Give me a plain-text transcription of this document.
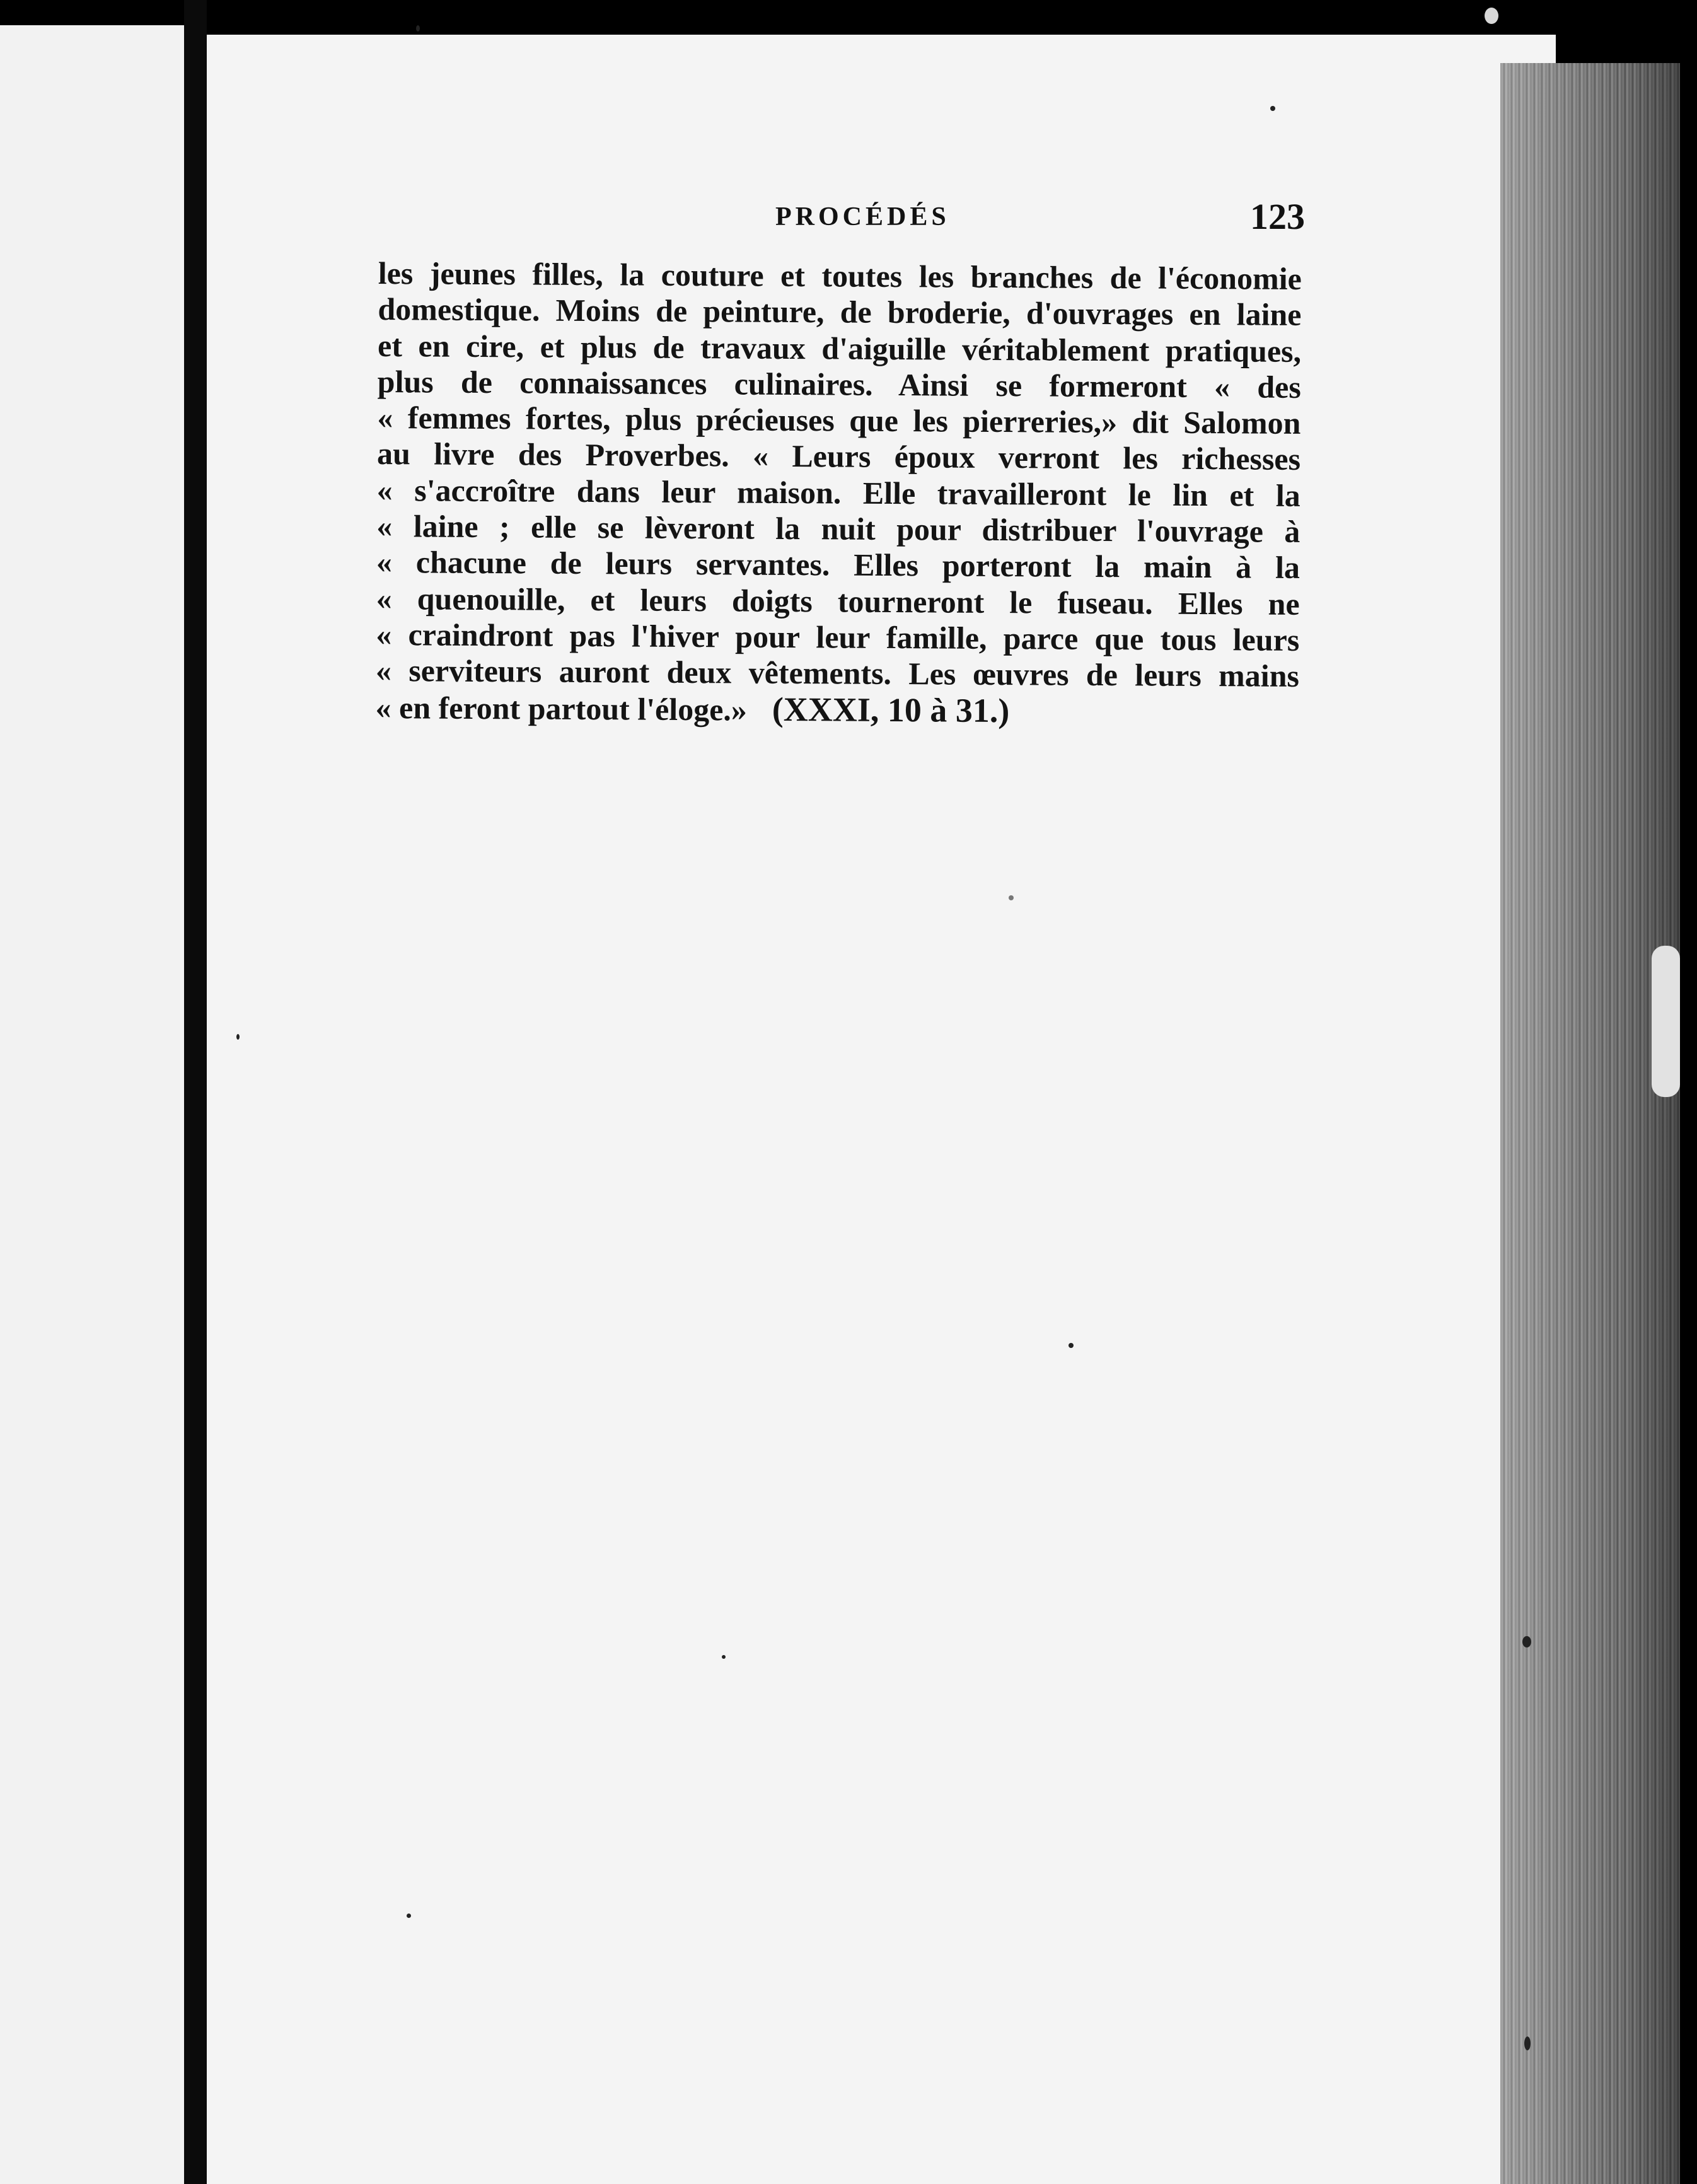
PROCÉDÉS	123
les jeunes filles, la couture et toutes les branches de l'économie
domestique. Moins de peinture, de broderie, d'ouvrages en laine
et en cire, et plus de travaux d'aiguille véritablement pratiques,
plus de connaissances culinaires. Ainsi se formeront « des
« femmes fortes, plus précieuses que les pierreries,» dit Salomon
au livre des Proverbes. « Leurs époux verront les richesses
« s'accroître dans leur maison. Elle travailleront le lin et la
« laine ; elle se lèveront la nuit pour distribuer l'ouvrage à
« chacune de leurs servantes. Elles porteront la main à la
« quenouille, et leurs doigts tourneront le fuseau. Elles ne
« craindront pas l'hiver pour leur famille, parce que tous leurs
« serviteurs auront deux vêtements. Les œuvres de leurs mains
« en feront partout l'éloge.» (XXXI, 10 à 31.)
